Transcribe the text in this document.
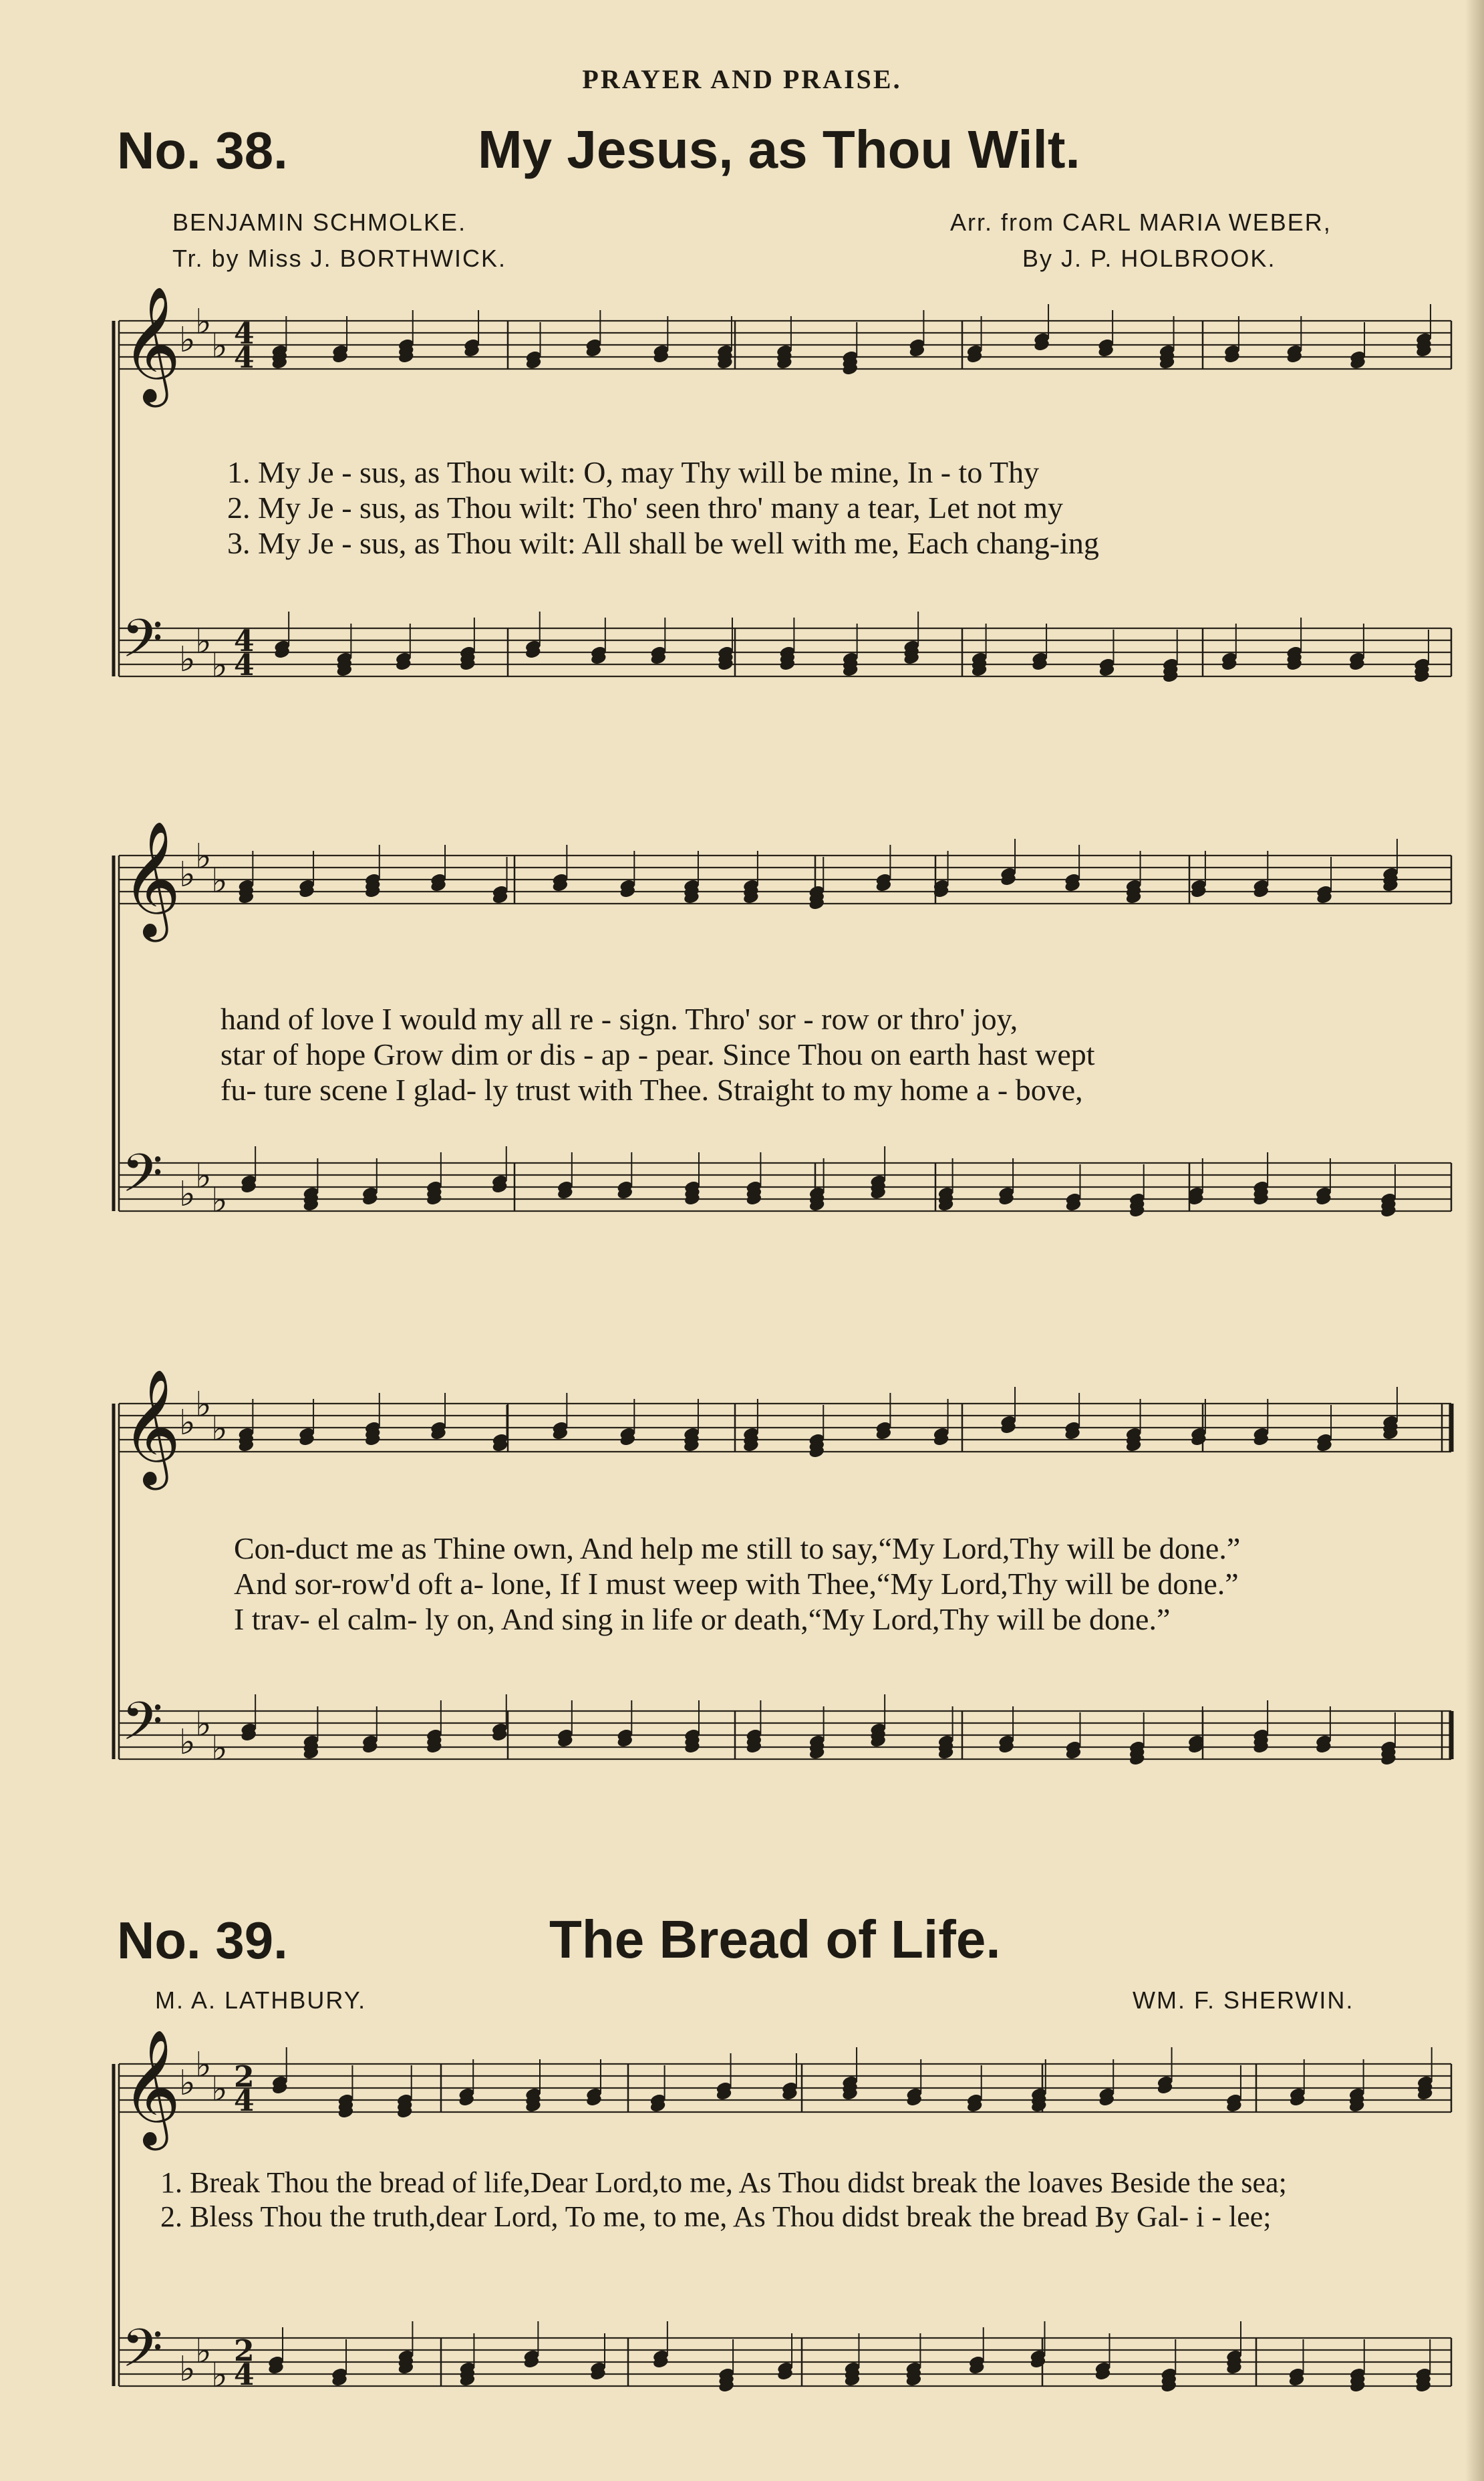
PRAYER AND PRAISE.
No. 38.	My Jesus, as Thou Wilt.
BENJAMIN SCHMOLKE.
Tr. by Miss J. BORTHWICK.
Arr. from CARL MARIA WEBER,
By J. P. HOLBROOK.
𝄞
♭ ♭
♭ 4
4
𝄢 ♭ ♭
♭
4
4
1. My Je - sus, as Thou wilt: O, may Thy will be mine, In - to Thy
2. My Je - sus, as Thou wilt: Tho' seen thro' many a tear, Let not my
3. My Je - sus, as Thou wilt: All shall be well with me, Each chang-ing
𝄞
♭ ♭
♭
𝄢 ♭ ♭
♭
hand of love I would my all re - sign. Thro' sor - row or thro' joy,
star of hope Grow dim or dis - ap - pear. Since Thou on earth hast wept
fu- ture scene I glad- ly trust with Thee. Straight to my home a - bove,
𝄞
♭ ♭
♭
𝄢 ♭ ♭
♭
Con-duct me as Thine own, And help me still to say,“My Lord,Thy will be done.”
And sor-row'd oft a- lone, If I must weep with Thee,“My Lord,Thy will be done.”
I trav- el calm- ly on, And sing in life or death,“My Lord,Thy will be done.”
No. 39.	The Bread of Life.
M. A. LATHBURY.	WM. F. SHERWIN.
𝄞
♭ ♭
♭ 2
4
𝄢 ♭ ♭
♭
2
4
1. Break Thou the bread of life,Dear Lord,to me, As Thou didst break the loaves Beside the sea;
2. Bless Thou the truth,dear Lord, To me, to me, As Thou didst break the bread By Gal- i - lee;
